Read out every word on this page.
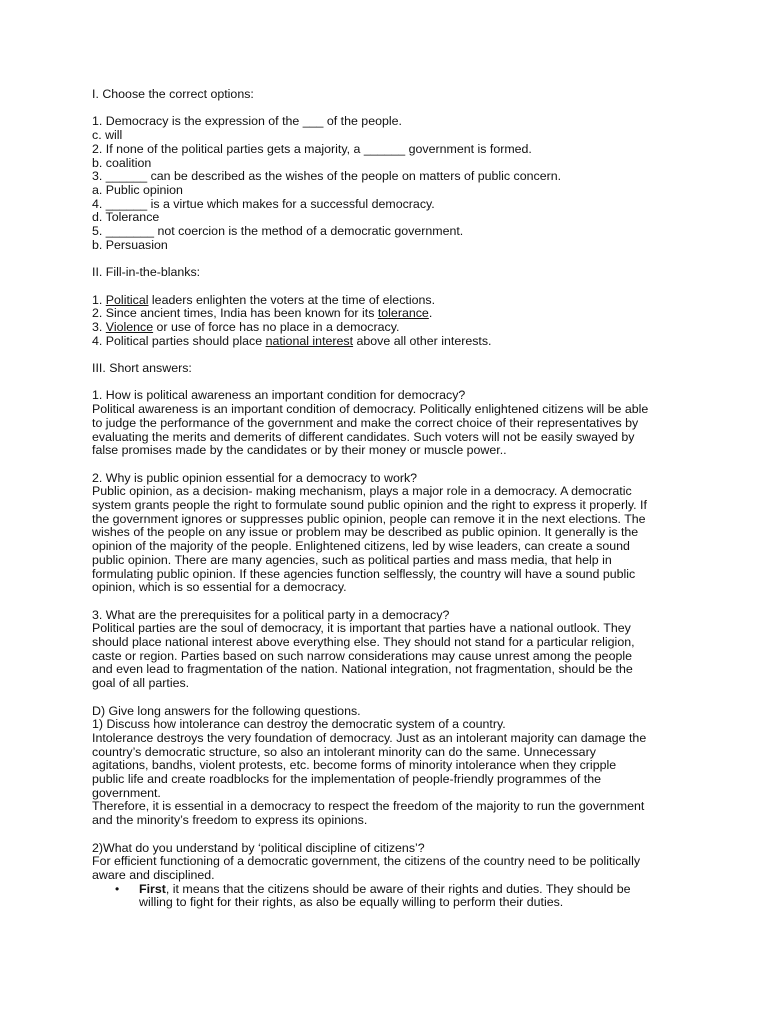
I. Choose the correct options:
1. Democracy is the expression of the ___ of the people.
c. will
2. If none of the political parties gets a majority, a ______ government is formed.
b. coalition
3. ______ can be described as the wishes of the people on matters of public concern.
a. Public opinion
4. ______ is a virtue which makes for a successful democracy.
d. Tolerance
5. _______ not coercion is the method of a democratic government.
b. Persuasion
II. Fill-in-the-blanks:
1. Political leaders enlighten the voters at the time of elections.
2. Since ancient times, India has been known for its tolerance.
3. Violence or use of force has no place in a democracy.
4. Political parties should place national interest above all other interests.
III. Short answers:
1. How is political awareness an important condition for democracy?
Political awareness is an important condition of democracy. Politically enlightened citizens will be able
to judge the performance of the government and make the correct choice of their representatives by
evaluating the merits and demerits of different candidates. Such voters will not be easily swayed by
false promises made by the candidates or by their money or muscle power..
2. Why is public opinion essential for a democracy to work?
Public opinion, as a decision- making mechanism, plays a major role in a democracy. A democratic
system grants people the right to formulate sound public opinion and the right to express it properly. If
the government ignores or suppresses public opinion, people can remove it in the next elections. The
wishes of the people on any issue or problem may be described as public opinion. It generally is the
opinion of the majority of the people. Enlightened citizens, led by wise leaders, can create a sound
public opinion. There are many agencies, such as political parties and mass media, that help in
formulating public opinion. If these agencies function selflessly, the country will have a sound public
opinion, which is so essential for a democracy.
3. What are the prerequisites for a political party in a democracy?
Political parties are the soul of democracy, it is important that parties have a national outlook. They
should place national interest above everything else. They should not stand for a particular religion,
caste or region. Parties based on such narrow considerations may cause unrest among the people
and even lead to fragmentation of the nation. National integration, not fragmentation, should be the
goal of all parties.
D) Give long answers for the following questions.
1) Discuss how intolerance can destroy the democratic system of a country.
Intolerance destroys the very foundation of democracy. Just as an intolerant majority can damage the
country’s democratic structure, so also an intolerant minority can do the same. Unnecessary
agitations, bandhs, violent protests, etc. become forms of minority intolerance when they cripple
public life and create roadblocks for the implementation of people-friendly programmes of the
government.
Therefore, it is essential in a democracy to respect the freedom of the majority to run the government
and the minority’s freedom to express its opinions.
2)What do you understand by ‘political discipline of citizens’?
For efficient functioning of a democratic government, the citizens of the country need to be politically
aware and disciplined.
• First, it means that the citizens should be aware of their rights and duties. They should be
willing to fight for their rights, as also be equally willing to perform their duties.
